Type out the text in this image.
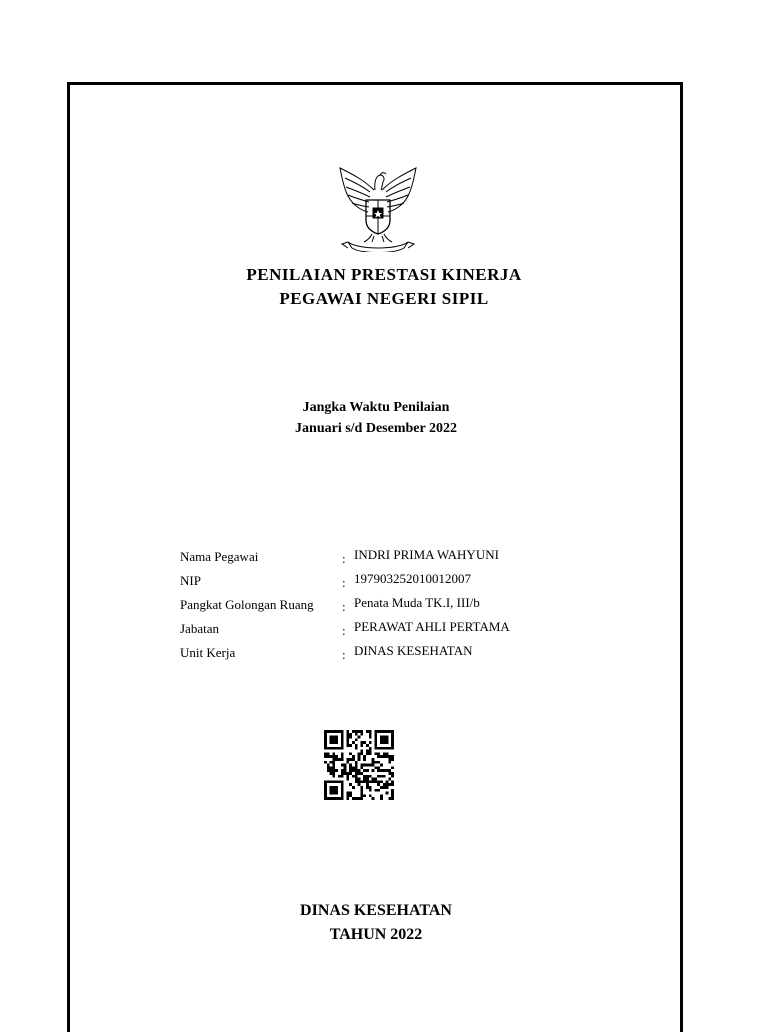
PENILAIAN PRESTASI KINERJA
PEGAWAI NEGERI SIPIL
Jangka Waktu Penilaian
Januari s/d Desember 2022
Nama Pegawai	: INDRI PRIMA WAHYUNI
NIP	: 197903252010012007
Pangkat Golongan Ruang : Penata Muda TK.I, III/b
Jabatan	: PERAWAT AHLI PERTAMA
Unit Kerja	: DINAS KESEHATAN
DINAS KESEHATAN
TAHUN 2022
